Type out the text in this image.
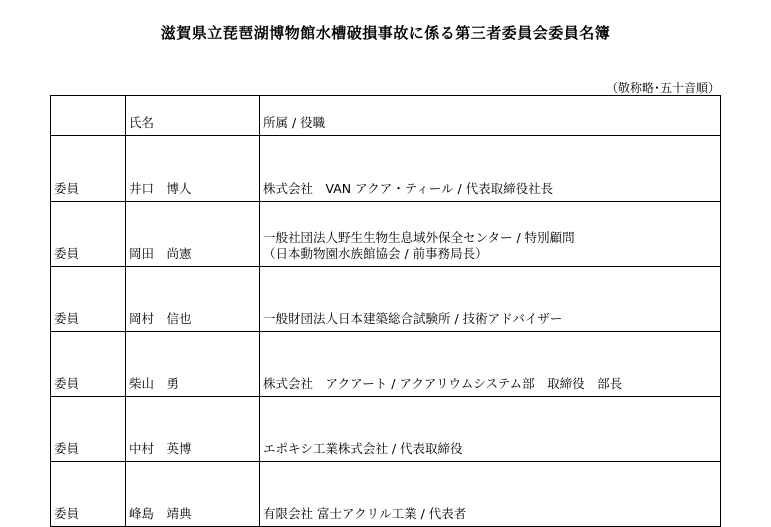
滋賀県立琵琶湖博物館水槽破損事故に係る第三者委員会委員名簿
（敬称略･五十音順）
	氏名	所属 / 役職
委員	井口　博人	株式会社　VAN アクア・ティール / 代表取締役社長

委員	岡田　尚憲	一般社団法人野生生物生息域外保全センター / 特別顧問
（日本動物園水族館協会 / 前事務局長）

委員	岡村　信也	一般財団法人日本建築総合試験所 / 技術アドバイザー

委員	柴山　勇	株式会社　アクアート / アクアリウムシステム部　取締役　部長

委員	中村　英博	エポキシ工業株式会社 / 代表取締役

委員	峰島　靖典	有限会社 富士アクリル工業 / 代表者
